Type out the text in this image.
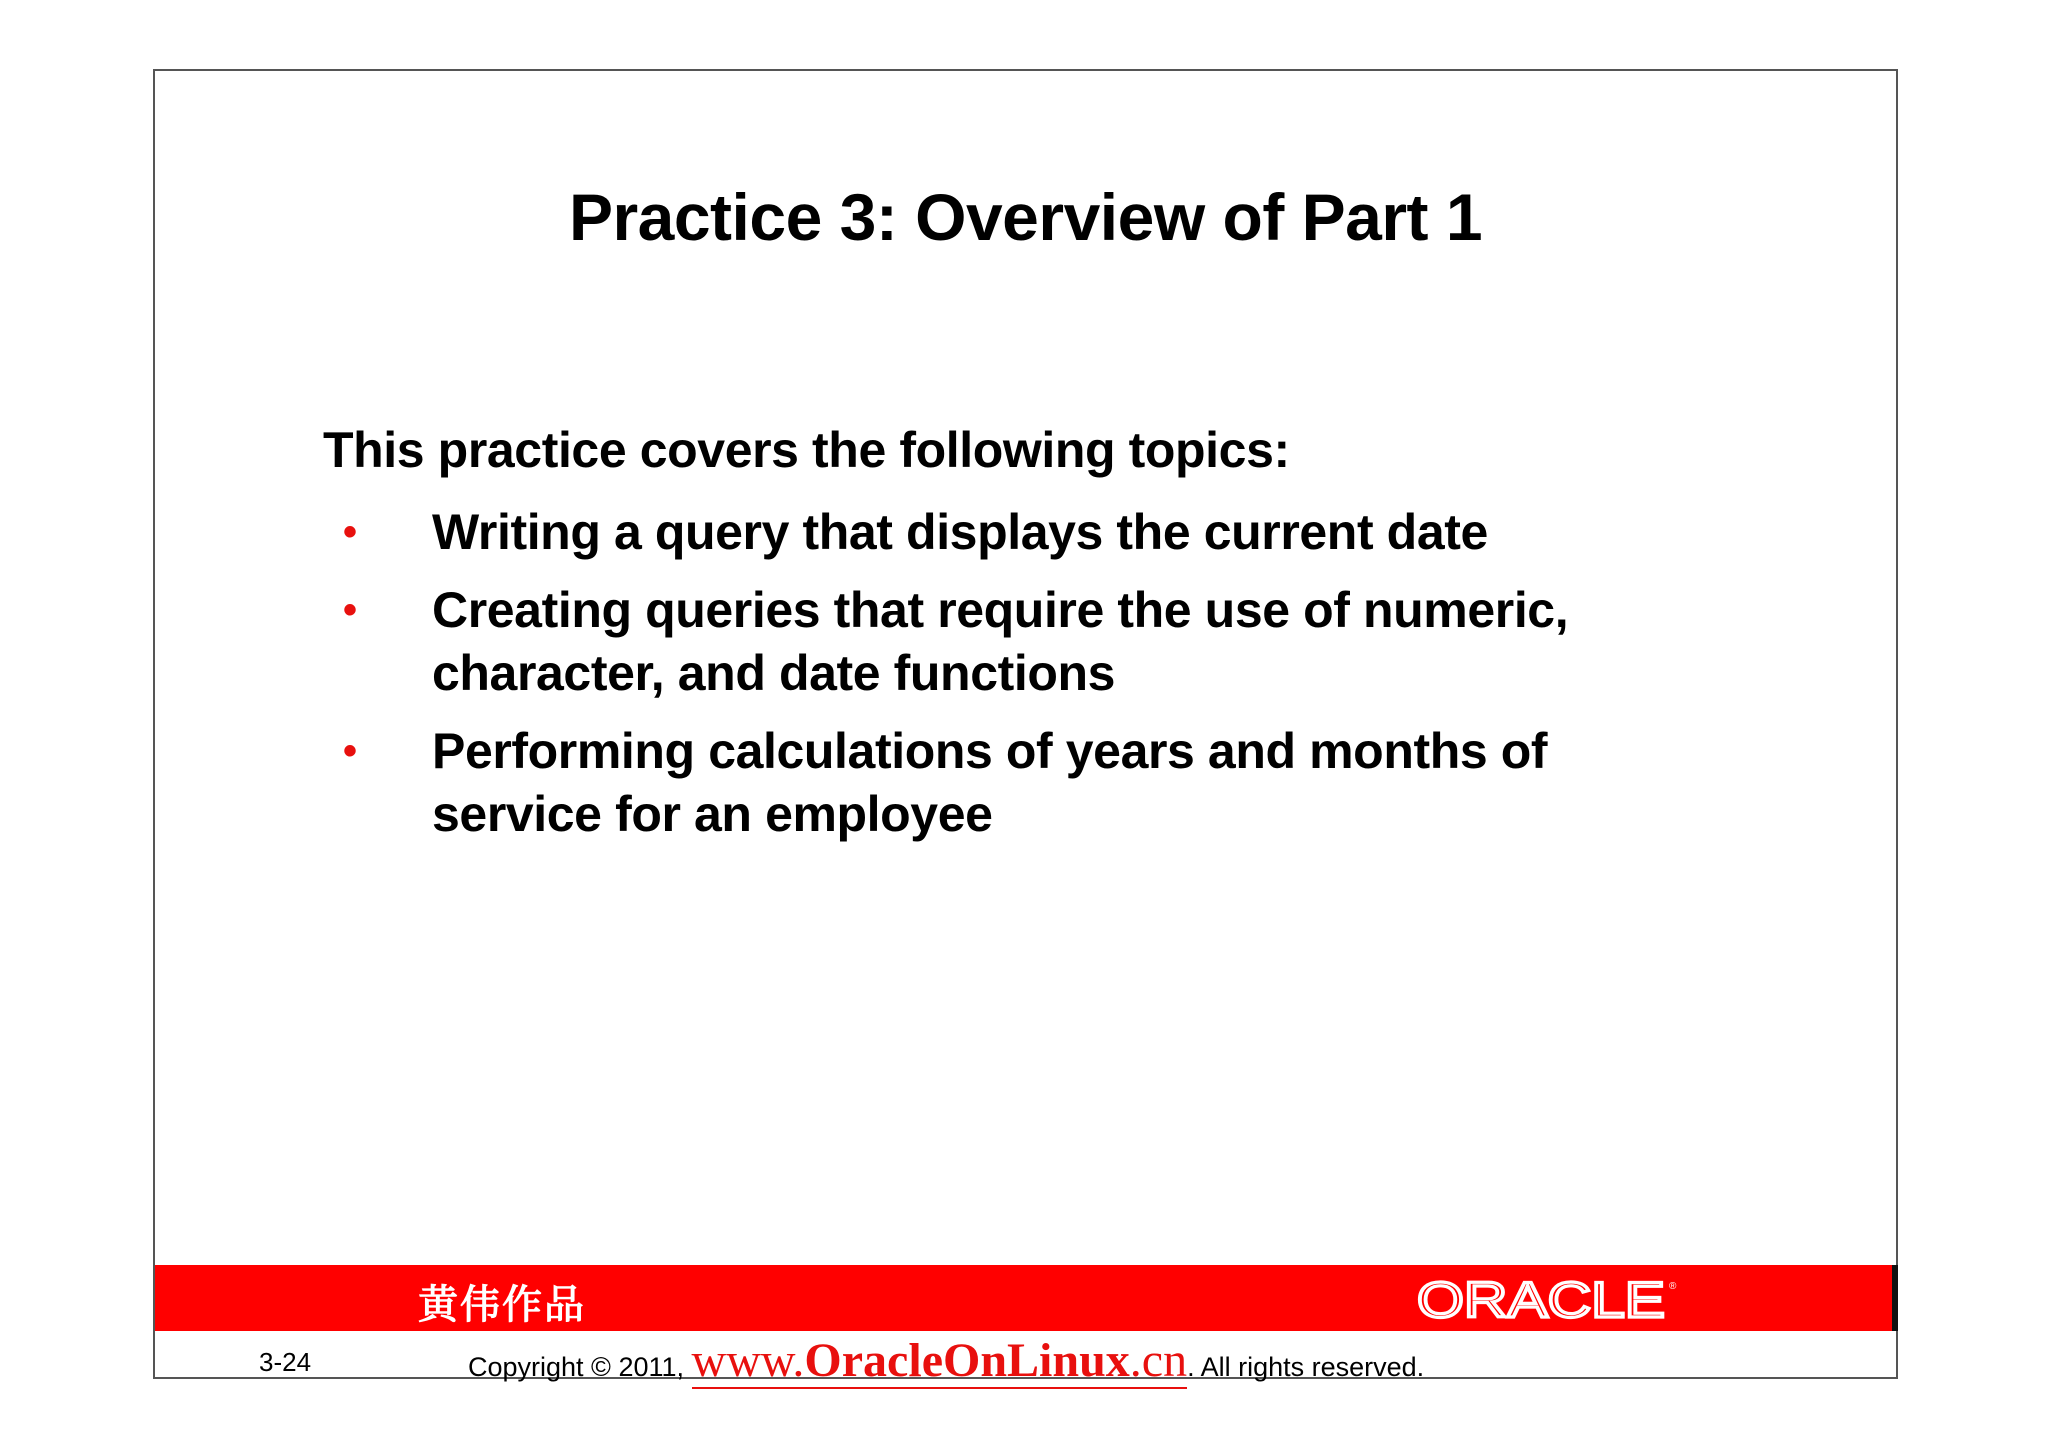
Practice 3: Overview of Part 1

This practice covers the following topics:

• Writing a query that displays the current date
• Creating queries that require the use of numeric, character, and date functions
• Performing calculations of years and months of service for an employee
黄伟作品	ORACLE ®
3-24	Copyright © 2011, www.OracleOnLinux.cn. All rights reserved.
